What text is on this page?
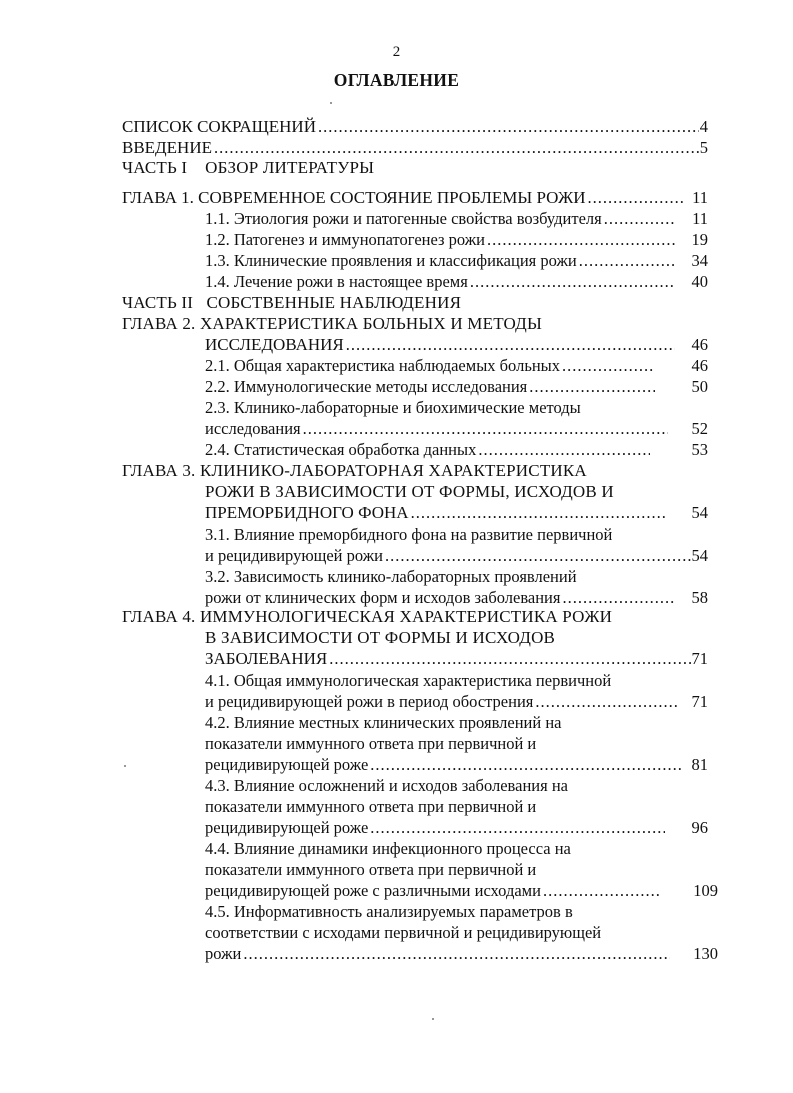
2
ОГЛАВЛЕНИЕ
СПИСОК СОКРАЩЕНИЙ .....	4
ВВЕДЕНИЕ .....	5
ЧАСТЬ I ОБЗОР ЛИТЕРАТУРЫ
ГЛАВА 1. СОВРЕМЕННОЕ СОСТОЯНИЕ ПРОБЛЕМЫ РОЖИ .....	11
1.1. Этиология рожи и патогенные свойства возбудителя .....	11
1.2. Патогенез и иммунопатогенез рожи .....	19
1.3. Клинические проявления и классификация рожи .....	34
1.4. Лечение рожи в настоящее время .....	40
ЧАСТЬ II СОБСТВЕННЫЕ НАБЛЮДЕНИЯ
ГЛАВА 2. ХАРАКТЕРИСТИКА БОЛЬНЫХ И МЕТОДЫ
ИССЛЕДОВАНИЯ .....	46
2.1. Общая характеристика наблюдаемых больных .....	46
2.2. Иммунологические методы исследования .....	50
2.3. Клинико-лабораторные и биохимические методы
исследования .....	52
2.4. Статистическая обработка данных .....	53
ГЛАВА 3. КЛИНИКО-ЛАБОРАТОРНАЯ ХАРАКТЕРИСТИКА
РОЖИ В ЗАВИСИМОСТИ ОТ ФОРМЫ, ИСХОДОВ И
ПРЕМОРБИДНОГО ФОНА .....	54
3.1. Влияние преморбидного фона на развитие первичной
и рецидивирующей рожи .....	54
3.2. Зависимость клинико-лабораторных проявлений
рожи от клинических форм и исходов заболевания .....	58
ГЛАВА 4. ИММУНОЛОГИЧЕСКАЯ ХАРАКТЕРИСТИКА РОЖИ
В ЗАВИСИМОСТИ ОТ ФОРМЫ И ИСХОДОВ
ЗАБОЛЕВАНИЯ .....	71
4.1. Общая иммунологическая характеристика первичной
и рецидивирующей рожи в период обострения .....	71
4.2. Влияние местных клинических проявлений на
показатели иммунного ответа при первичной и
рецидивирующей роже .....	81
4.3. Влияние осложнений и исходов заболевания на
показатели иммунного ответа при первичной и
рецидивирующей роже .....	96
4.4. Влияние динамики инфекционного процесса на
показатели иммунного ответа при первичной и
рецидивирующей роже с различными исходами .....	109
4.5. Информативность анализируемых параметров в
соответствии с исходами первичной и рецидивирующей
рожи .....	130
